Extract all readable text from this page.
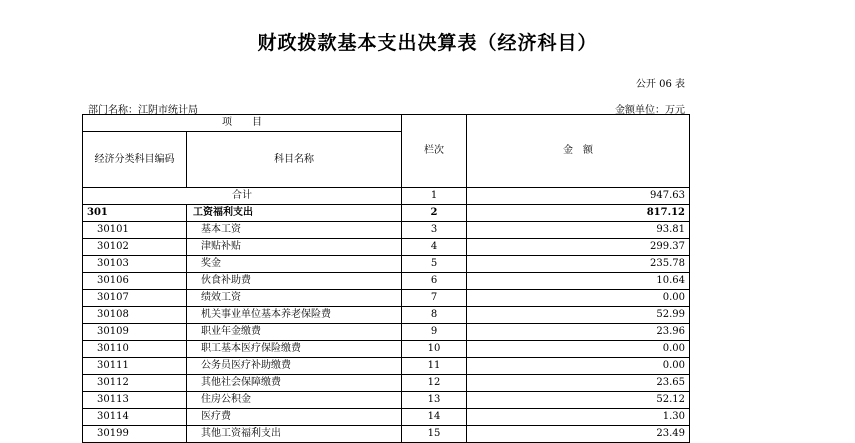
财政拨款基本支出决算表（经济科目）
公开 06 表
部门名称：江阴市统计局	金额单位：万元
项　　目		栏次	金　额
经济分类科目编码	科目名称		
合计		1	947.63
301	工资福利支出	2	817.12
30101	基本工资	3	93.81
30102	津贴补贴	4	299.37
30103	奖金	5	235.78
30106	伙食补助费	6	10.64
30107	绩效工资	7	0.00
30108	机关事业单位基本养老保险费	8	52.99
30109	职业年金缴费	9	23.96
30110	职工基本医疗保险缴费	10	0.00
30111	公务员医疗补助缴费	11	0.00
30112	其他社会保障缴费	12	23.65
30113	住房公积金	13	52.12
30114	医疗费	14	1.30
30199	其他工资福利支出	15	23.49
